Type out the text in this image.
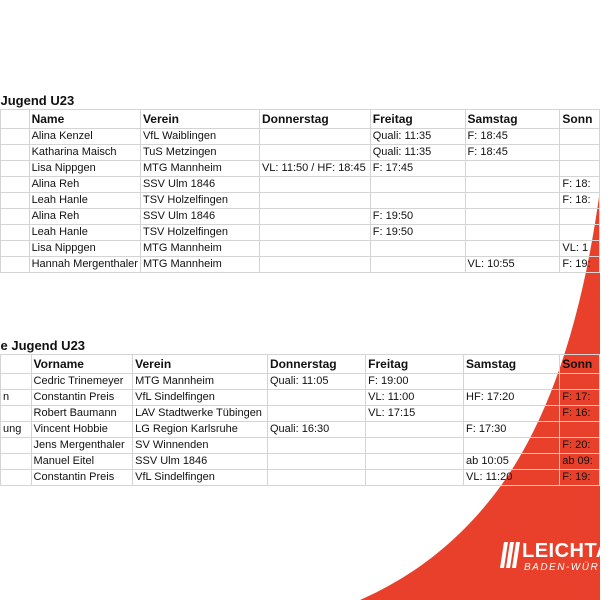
Jugend U23						
	Name	Verein	Donnerstag	Freitag	Samstag	Sonn
	Alina Kenzel	VfL Waiblingen		Quali: 11:35	F: 18:45	
	Katharina Maisch	TuS Metzingen		Quali: 11:35	F: 18:45	
	Lisa Nippgen	MTG Mannheim	VL: 11:50 / HF: 18:45	F: 17:45		
	Alina Reh	SSV Ulm 1846				F: 18:
	Leah Hanle	TSV Holzelfingen				F: 18:
	Alina Reh	SSV Ulm 1846		F: 19:50		
	Leah Hanle	TSV Holzelfingen		F: 19:50		
	Lisa Nippgen	MTG Mannheim				VL: 1
	Hannah Mergenthaler	MTG Mannheim			VL: 10:55	F: 19:
e Jugend U23						
	Vorname	Verein	Donnerstag	Freitag	Samstag	Sonn
	Cedric Trinemeyer	MTG Mannheim	Quali: 11:05	F: 19:00		
n	Constantin Preis	VfL Sindelfingen		VL: 11:00	HF: 17:20	F: 17:
	Robert Baumann	LAV Stadtwerke Tübingen		VL: 17:15		F: 16:
ung	Vincent Hobbie	LG Region Karlsruhe	Quali: 16:30		F: 17:30	
	Jens Mergenthaler	SV Winnenden				F: 20:
	Manuel Eitel	SSV Ulm 1846			ab 10:05	ab 09:
	Constantin Preis	VfL Sindelfingen			VL: 11:20	F: 19:
LEICHTA
BADEN-WÜR
